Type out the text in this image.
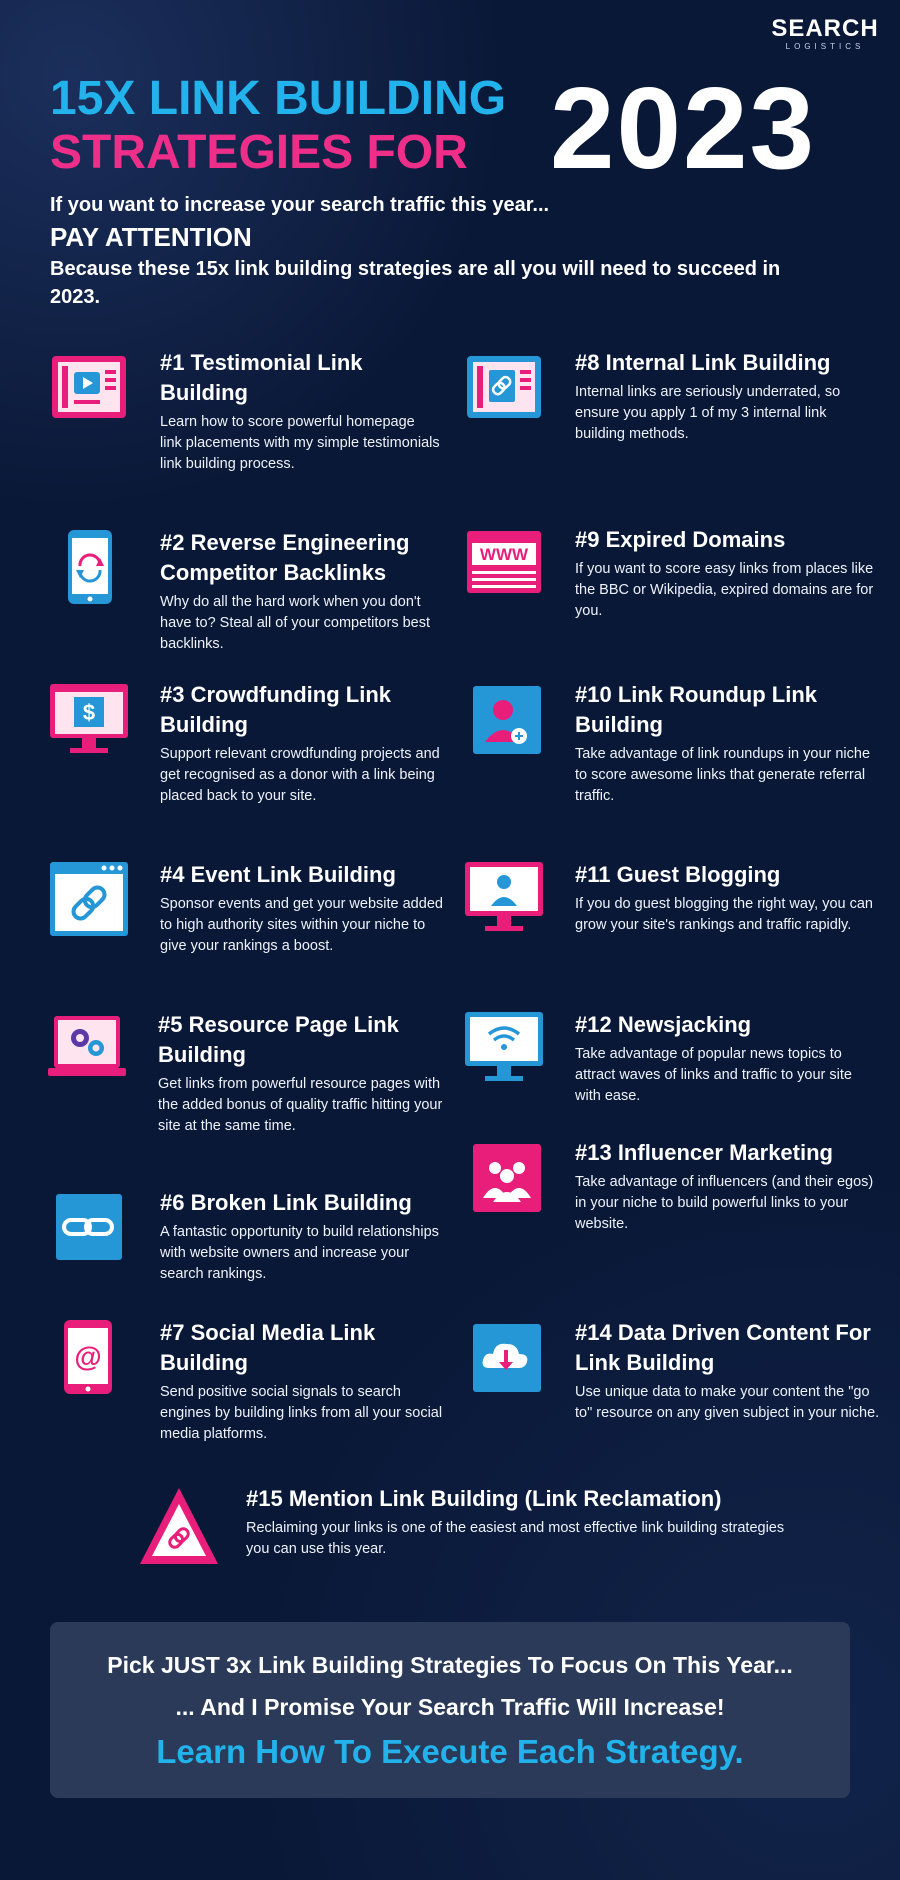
SEARCH
LOGISTICS
15X LINK BUILDING
STRATEGIES FOR 2023
If you want to increase your search traffic this year...
PAY ATTENTION
Because these 15x link building strategies are all you will need to succeed in 2023.
#1 Testimonial Link Building

Learn how to score powerful homepage link placements with my simple testimonials link building process.

#2 Reverse Engineering Competitor Backlinks

Why do all the hard work when you don't have to? Steal all of your competitors best backlinks.

$
#3 Crowdfunding Link Building

Support relevant crowdfunding projects and get recognised as a donor with a link being placed back to your site.

#4 Event Link Building

Sponsor events and get your website added to high authority sites within your niche to give your rankings a boost.

#5 Resource Page Link Building

Get links from powerful resource pages with the added bonus of quality traffic hitting your site at the same time.

#6 Broken Link Building

A fantastic opportunity to build relationships with website owners and increase your search rankings.

@
#7 Social Media Link Building

Send positive social signals to search engines by building links from all your social media platforms.

#8 Internal Link Building

Internal links are seriously underrated, so ensure you apply 1 of my 3 internal link building methods.

WWW
#9 Expired Domains

If you want to score easy links from places like the BBC or Wikipedia, expired domains are for you.

#10 Link Roundup Link Building

Take advantage of link roundups in your niche to score awesome links that generate referral traffic.

#11 Guest Blogging

If you do guest blogging the right way, you can grow your site's rankings and traffic rapidly.

#12 Newsjacking

Take advantage of popular news topics to attract waves of links and traffic to your site with ease.

#13 Influencer Marketing

Take advantage of influencers (and their egos) in your niche to build powerful links to your website.

#14 Data Driven Content For Link Building

Use unique data to make your content the "go to" resource on any given subject in your niche.

#15 Mention Link Building (Link Reclamation)

Reclaiming your links is one of the easiest and most effective link building strategies you can use this year.

Pick JUST 3x Link Building Strategies To Focus On This Year...
... And I Promise Your Search Traffic Will Increase!
Learn How To Execute Each Strategy.
